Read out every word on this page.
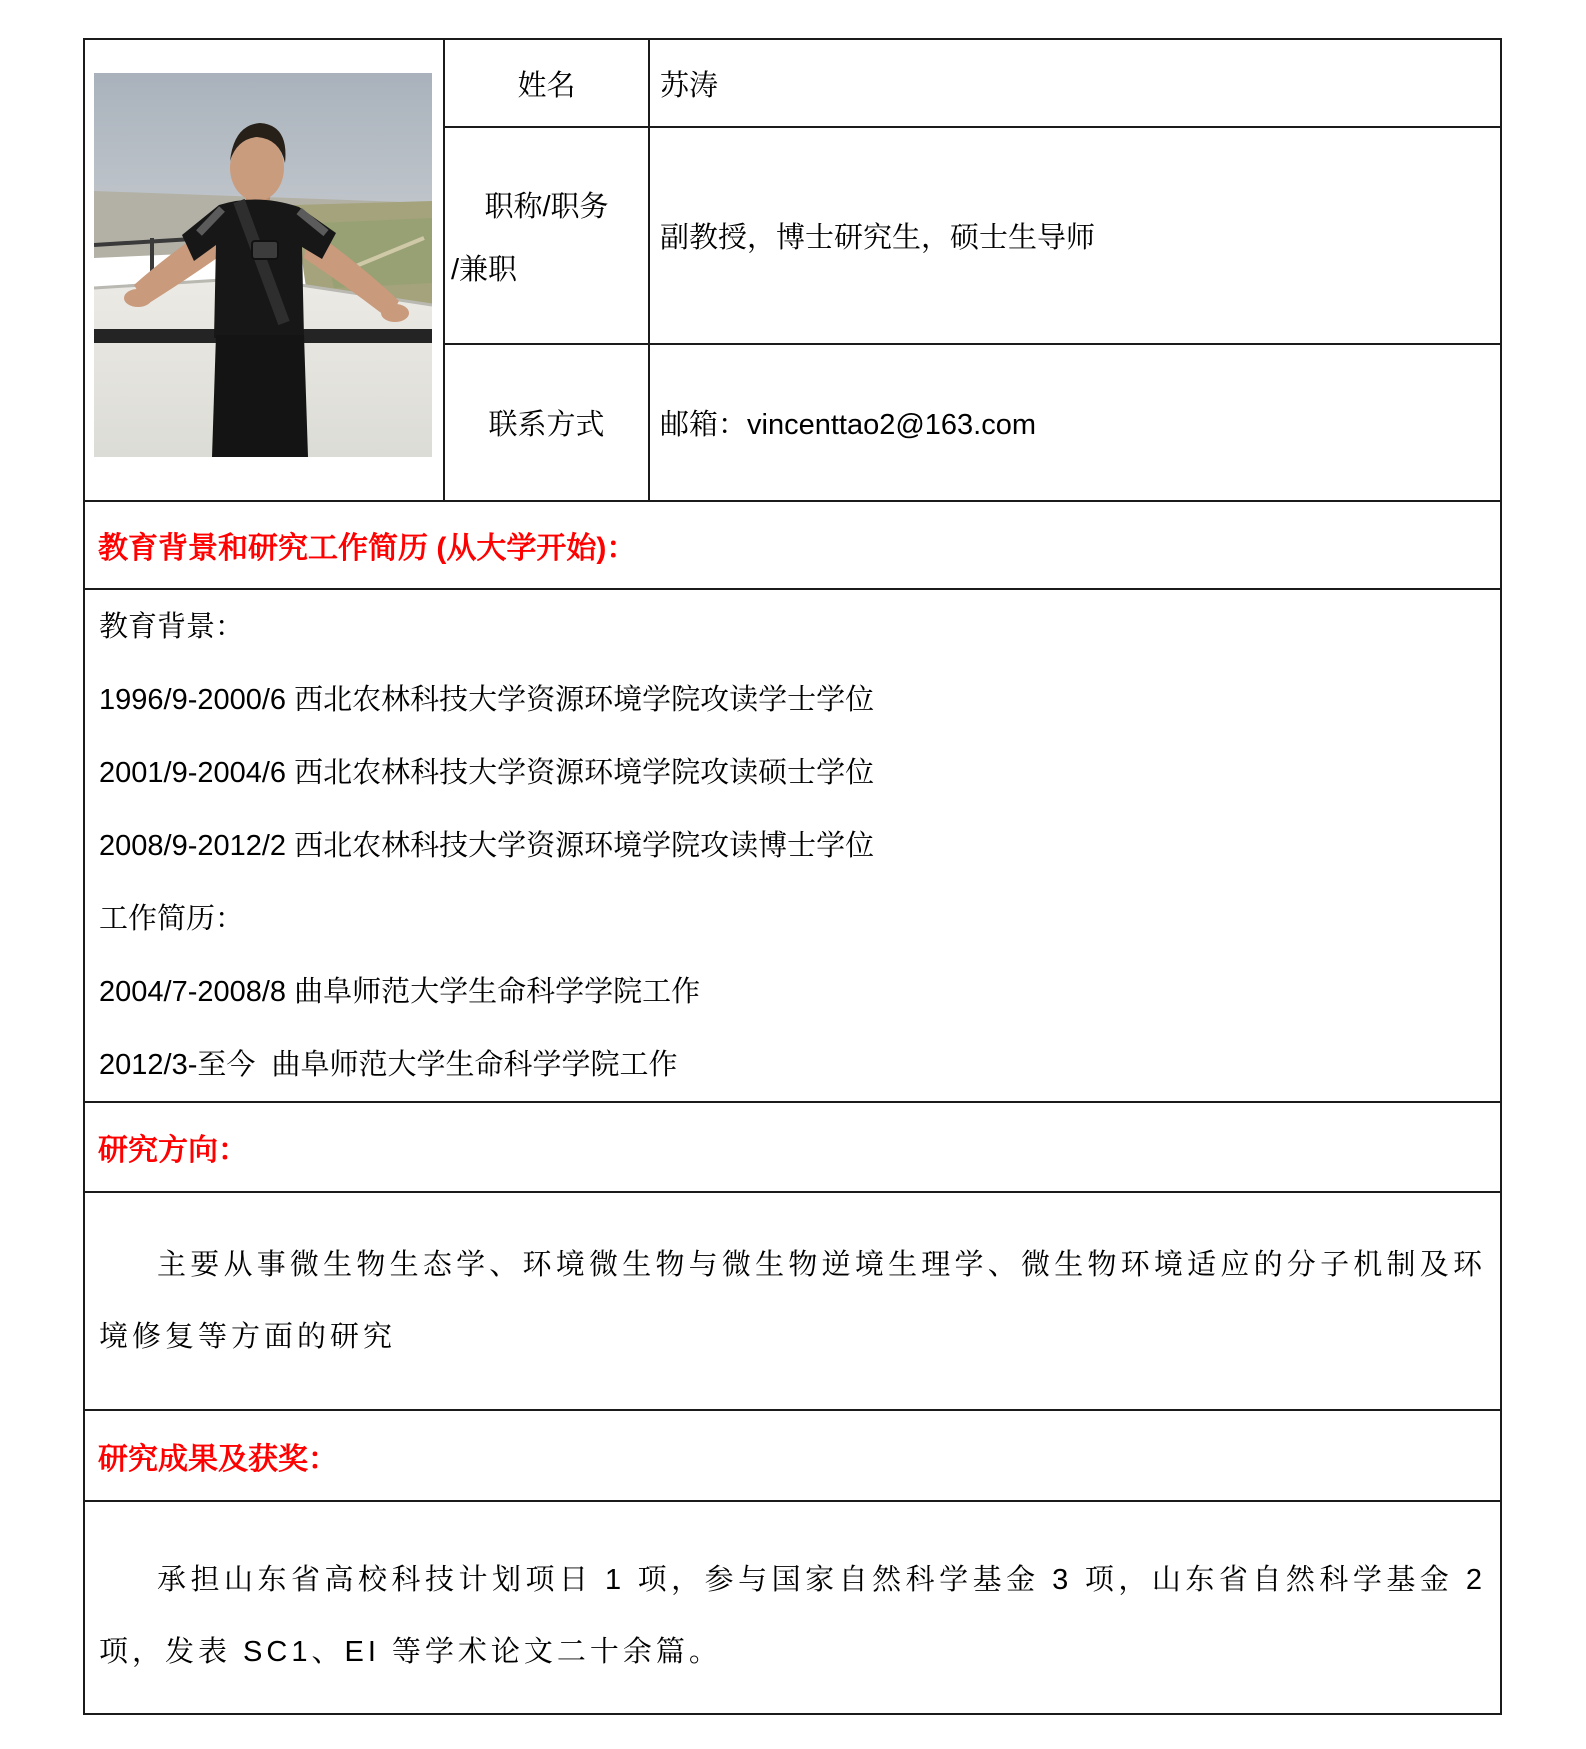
姓名	苏涛
职称/职务
/兼职
副教授，博士研究生，硕士生导师
联系方式 邮箱：vincenttao2@163.com
教育背景和研究工作简历 (从大学开始)：
教育背景：
1996/9-2000/6 西北农林科技大学资源环境学院攻读学士学位
2001/9-2004/6 西北农林科技大学资源环境学院攻读硕士学位
2008/9-2012/2 西北农林科技大学资源环境学院攻读博士学位
工作简历：
2004/7-2008/8 曲阜师范大学生命科学学院工作
2012/3-至今  曲阜师范大学生命科学学院工作
研究方向：
主要从事微生物生态学、环境微生物与微生物逆境生理学、微生物环境适应的分子机制及环境修复等方面的研究
研究成果及获奖：
承担山东省高校科技计划项日 1 项，参与国家自然科学基金 3 项，山东省自然科学基金 2 项，发表 SC1、EI 等学术论文二十余篇。
